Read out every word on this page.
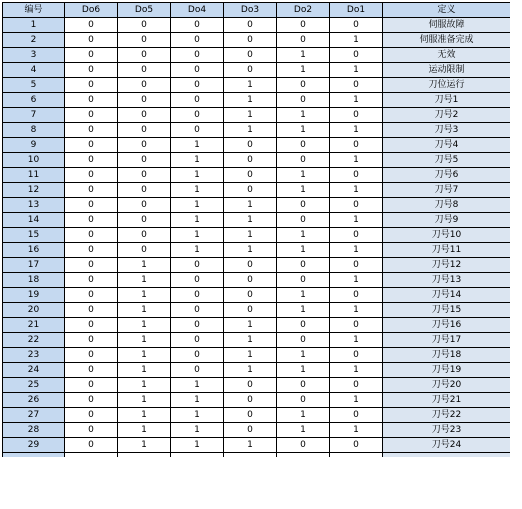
编号	Do6	Do5	Do4	Do3	Do2	Do1	定义
1	0	0	0	0	0	0	伺服故障
2	0	0	0	0	0	1	伺服准备完成
3	0	0	0	0	1	0	无效
4	0	0	0	0	1	1	运动限制
5	0	0	0	1	0	0	刀位运行
6	0	0	0	1	0	1	刀号1
7	0	0	0	1	1	0	刀号2
8	0	0	0	1	1	1	刀号3
9	0	0	1	0	0	0	刀号4
10	0	0	1	0	0	1	刀号5
11	0	0	1	0	1	0	刀号6
12	0	0	1	0	1	1	刀号7
13	0	0	1	1	0	0	刀号8
14	0	0	1	1	0	1	刀号9
15	0	0	1	1	1	0	刀号10
16	0	0	1	1	1	1	刀号11
17	0	1	0	0	0	0	刀号12
18	0	1	0	0	0	1	刀号13
19	0	1	0	0	1	0	刀号14
20	0	1	0	0	1	1	刀号15
21	0	1	0	1	0	0	刀号16
22	0	1	0	1	0	1	刀号17
23	0	1	0	1	1	0	刀号18
24	0	1	0	1	1	1	刀号19
25	0	1	1	0	0	0	刀号20
26	0	1	1	0	0	1	刀号21
27	0	1	1	0	1	0	刀号22
28	0	1	1	0	1	1	刀号23
29	0	1	1	1	0	0	刀号24
